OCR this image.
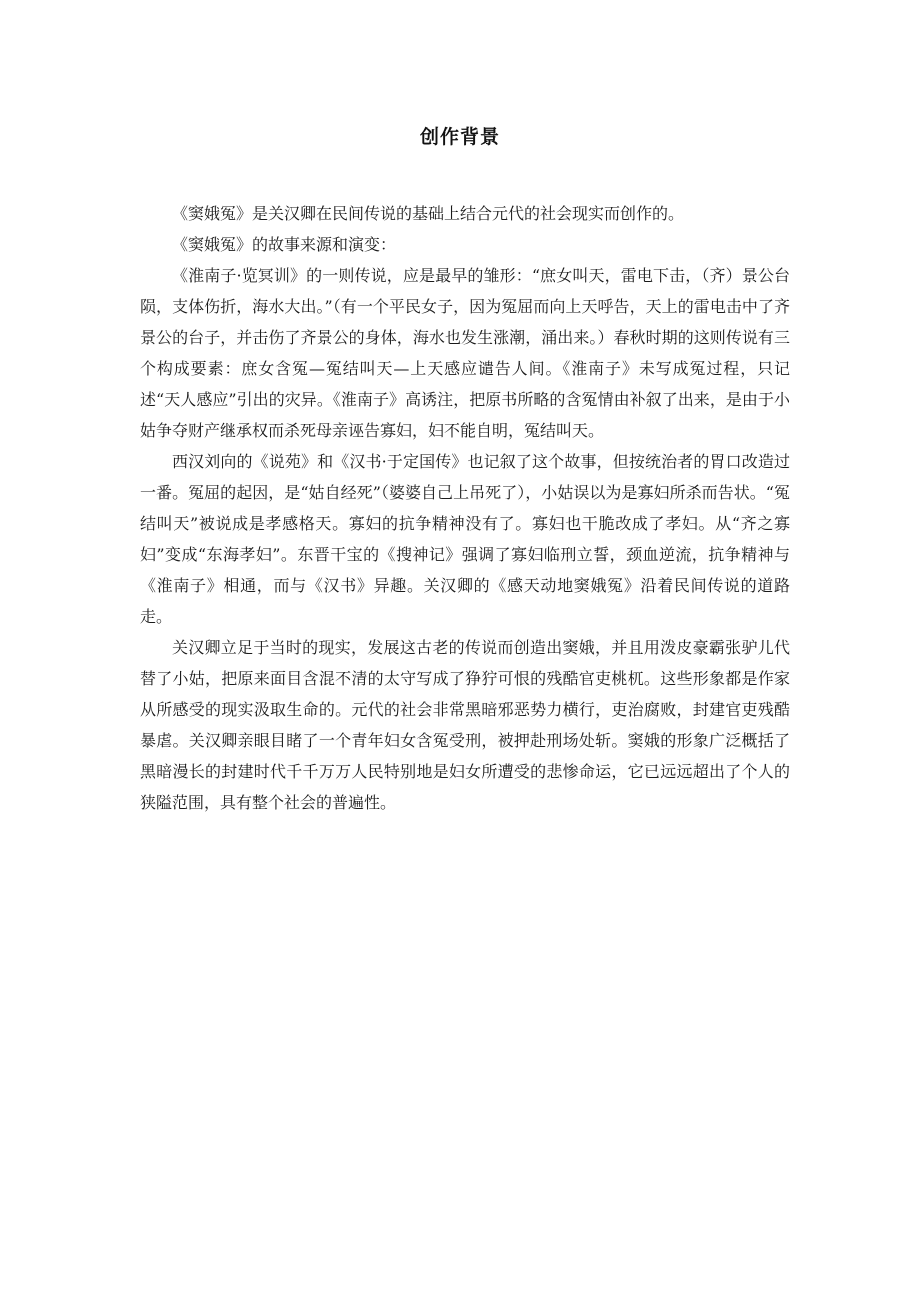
创作背景

《窦娥冤》是关汉卿在民间传说的基础上结合元代的社会现实而创作的。

《窦娥冤》的故事来源和演变：

《淮南子·览冥训》的一则传说，应是最早的雏形：“庶女叫天，雷电下击，（齐）景公台陨，支体伤折，海水大出。”（有一个平民女子，因为冤屈而向上天呼告，天上的雷电击中了齐景公的台子，并击伤了齐景公的身体，海水也发生涨潮，涌出来。）春秋时期的这则传说有三个构成要素：庶女含冤—冤结叫天—上天感应谴告人间。《淮南子》未写成冤过程，只记述“天人感应”引出的灾异。《淮南子》高诱注，把原书所略的含冤情由补叙了出来，是由于小姑争夺财产继承权而杀死母亲诬告寡妇，妇不能自明，冤结叫天。

西汉刘向的《说苑》和《汉书·于定国传》也记叙了这个故事，但按统治者的胃口改造过一番。冤屈的起因，是“姑自经死”（婆婆自己上吊死了），小姑误以为是寡妇所杀而告状。“冤结叫天”被说成是孝感格天。寡妇的抗争精神没有了。寡妇也干脆改成了孝妇。从“齐之寡妇”变成“东海孝妇”。东晋干宝的《搜神记》强调了寡妇临刑立誓，颈血逆流，抗争精神与《淮南子》相通，而与《汉书》异趣。关汉卿的《感天动地窦娥冤》沿着民间传说的道路走。

关汉卿立足于当时的现实，发展这古老的传说而创造出窦娥，并且用泼皮豪霸张驴儿代替了小姑，把原来面目含混不清的太守写成了狰狞可恨的残酷官吏桃杌。这些形象都是作家从所感受的现实汲取生命的。元代的社会非常黑暗邪恶势力横行，吏治腐败，封建官吏残酷暴虐。关汉卿亲眼目睹了一个青年妇女含冤受刑，被押赴刑场处斩。窦娥的形象广泛概括了黑暗漫长的封建时代千千万万人民特别地是妇女所遭受的悲惨命运，它已远远超出了个人的狭隘范围，具有整个社会的普遍性。
